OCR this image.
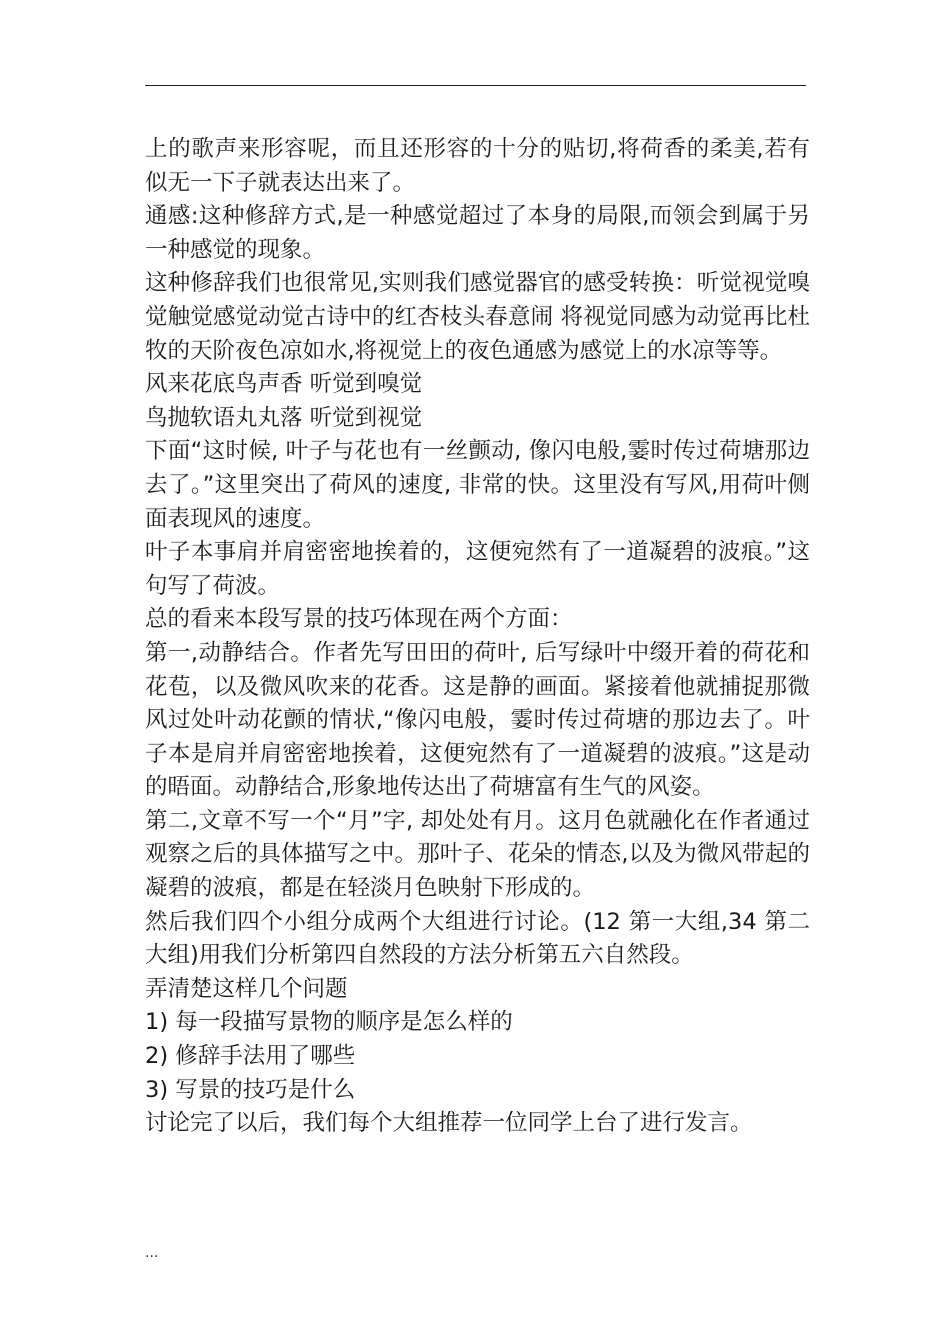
上的歌声来形容呢，而且还形容的十分的贴切,将荷香的柔美,若有似无一下子就表达出来了。

通感:这种修辞方式,是一种感觉超过了本身的局限,而领会到属于另一种感觉的现象。

这种修辞我们也很常见,实则我们感觉器官的感受转换：听觉视觉嗅觉触觉感觉动觉古诗中的红杏枝头春意闹 将视觉同感为动觉再比杜牧的天阶夜色凉如水,将视觉上的夜色通感为感觉上的水凉等等。

风来花底鸟声香 听觉到嗅觉

鸟抛软语丸丸落 听觉到视觉

下面“这时候, 叶子与花也有一丝颤动, 像闪电般,霎时传过荷塘那边去了。”这里突出了荷风的速度, 非常的快。这里没有写风,用荷叶侧面表现风的速度。

叶子本事肩并肩密密地挨着的，这便宛然有了一道凝碧的波痕。”这句写了荷波。

总的看来本段写景的技巧体现在两个方面：

第一,动静结合。作者先写田田的荷叶, 后写绿叶中缀开着的荷花和花苞，以及微风吹来的花香。这是静的画面。紧接着他就捕捉那微风过处叶动花颤的情状,“像闪电般，霎时传过荷塘的那边去了。叶子本是肩并肩密密地挨着，这便宛然有了一道凝碧的波痕。”这是动的晤面。动静结合,形象地传达出了荷塘富有生气的风姿。

第二,文章不写一个“月”字, 却处处有月。这月色就融化在作者通过观察之后的具体描写之中。那叶子、花朵的情态,以及为微风带起的凝碧的波痕，都是在轻淡月色映射下形成的。

然后我们四个小组分成两个大组进行讨论。(12 第一大组,34 第二大组)用我们分析第四自然段的方法分析第五六自然段。

弄清楚这样几个问题

1) 每一段描写景物的顺序是怎么样的

2) 修辞手法用了哪些

3) 写景的技巧是什么

讨论完了以后，我们每个大组推荐一位同学上台了进行发言。

...
